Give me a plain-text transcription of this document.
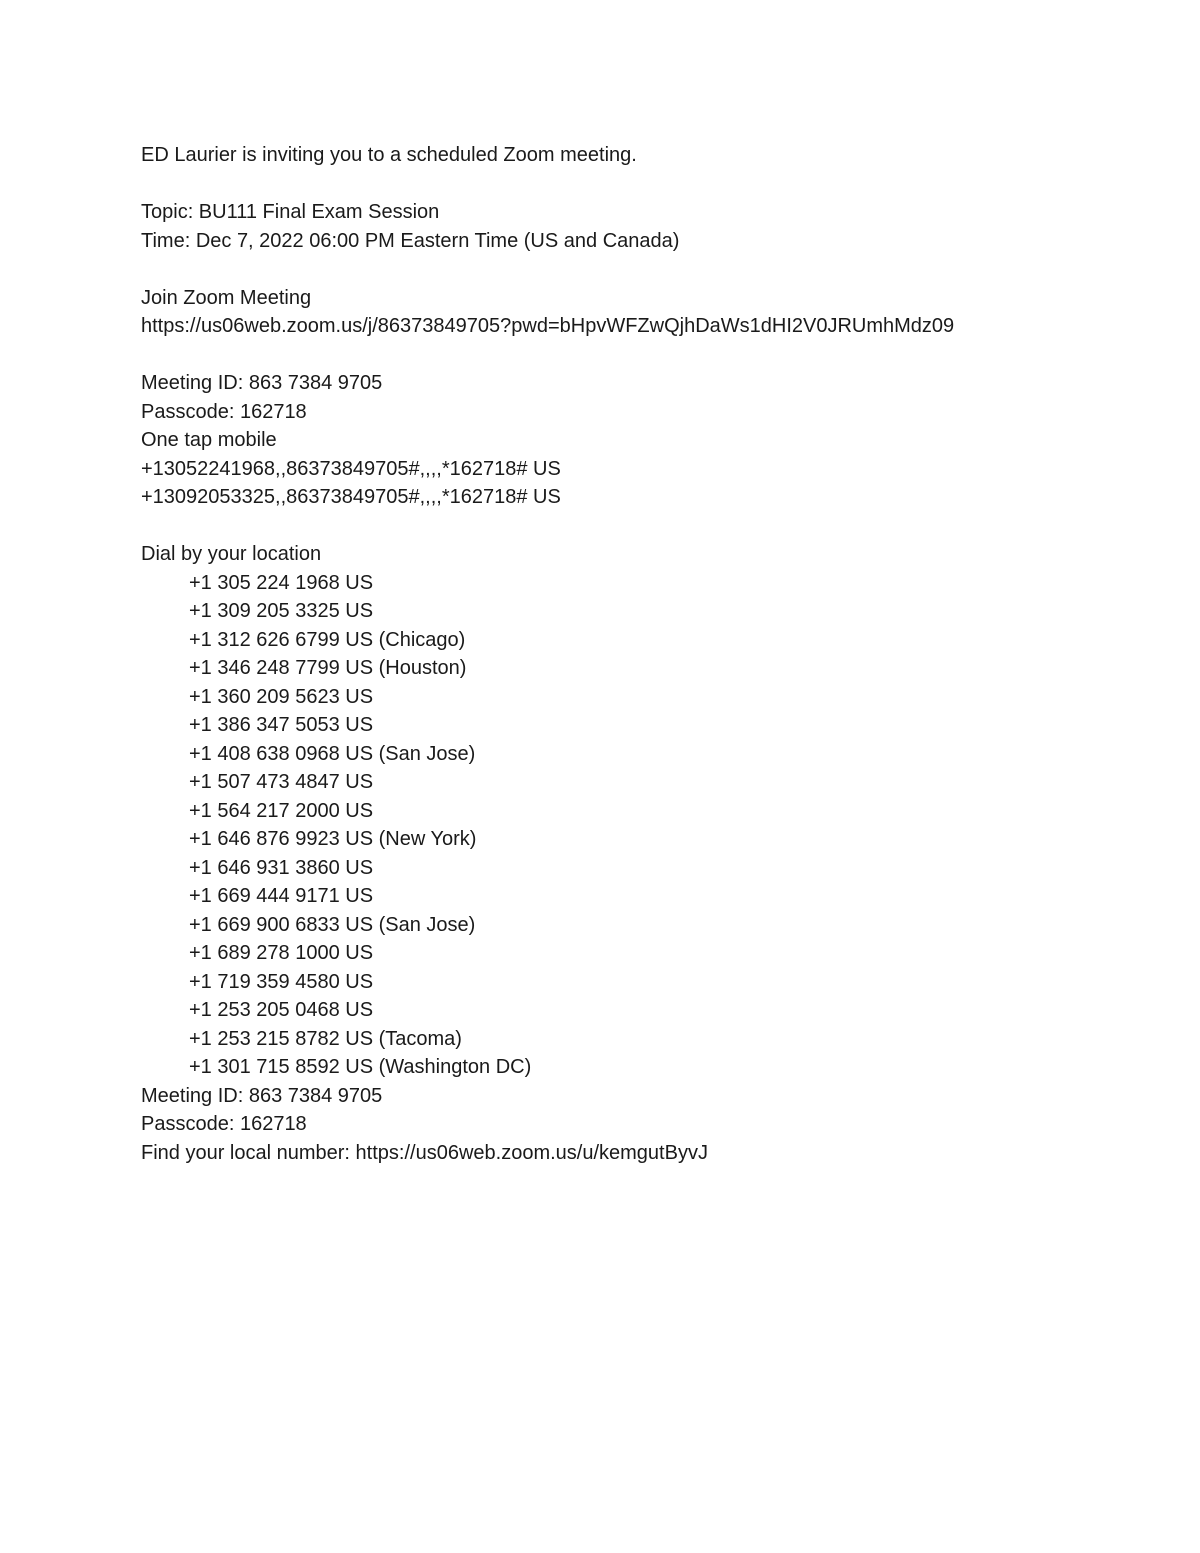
ED Laurier is inviting you to a scheduled Zoom meeting.
Topic: BU111 Final Exam Session
Time: Dec 7, 2022 06:00 PM Eastern Time (US and Canada)
Join Zoom Meeting
https://us06web.zoom.us/j/86373849705?pwd=bHpvWFZwQjhDaWs1dHI2V0JRUmhMdz09
Meeting ID: 863 7384 9705
Passcode: 162718
One tap mobile
+13052241968,,86373849705#,,,,*162718# US
+13092053325,,86373849705#,,,,*162718# US
Dial by your location
+1 305 224 1968 US
+1 309 205 3325 US
+1 312 626 6799 US (Chicago)
+1 346 248 7799 US (Houston)
+1 360 209 5623 US
+1 386 347 5053 US
+1 408 638 0968 US (San Jose)
+1 507 473 4847 US
+1 564 217 2000 US
+1 646 876 9923 US (New York)
+1 646 931 3860 US
+1 669 444 9171 US
+1 669 900 6833 US (San Jose)
+1 689 278 1000 US
+1 719 359 4580 US
+1 253 205 0468 US
+1 253 215 8782 US (Tacoma)
+1 301 715 8592 US (Washington DC)
Meeting ID: 863 7384 9705
Passcode: 162718
Find your local number: https://us06web.zoom.us/u/kemgutByvJ
